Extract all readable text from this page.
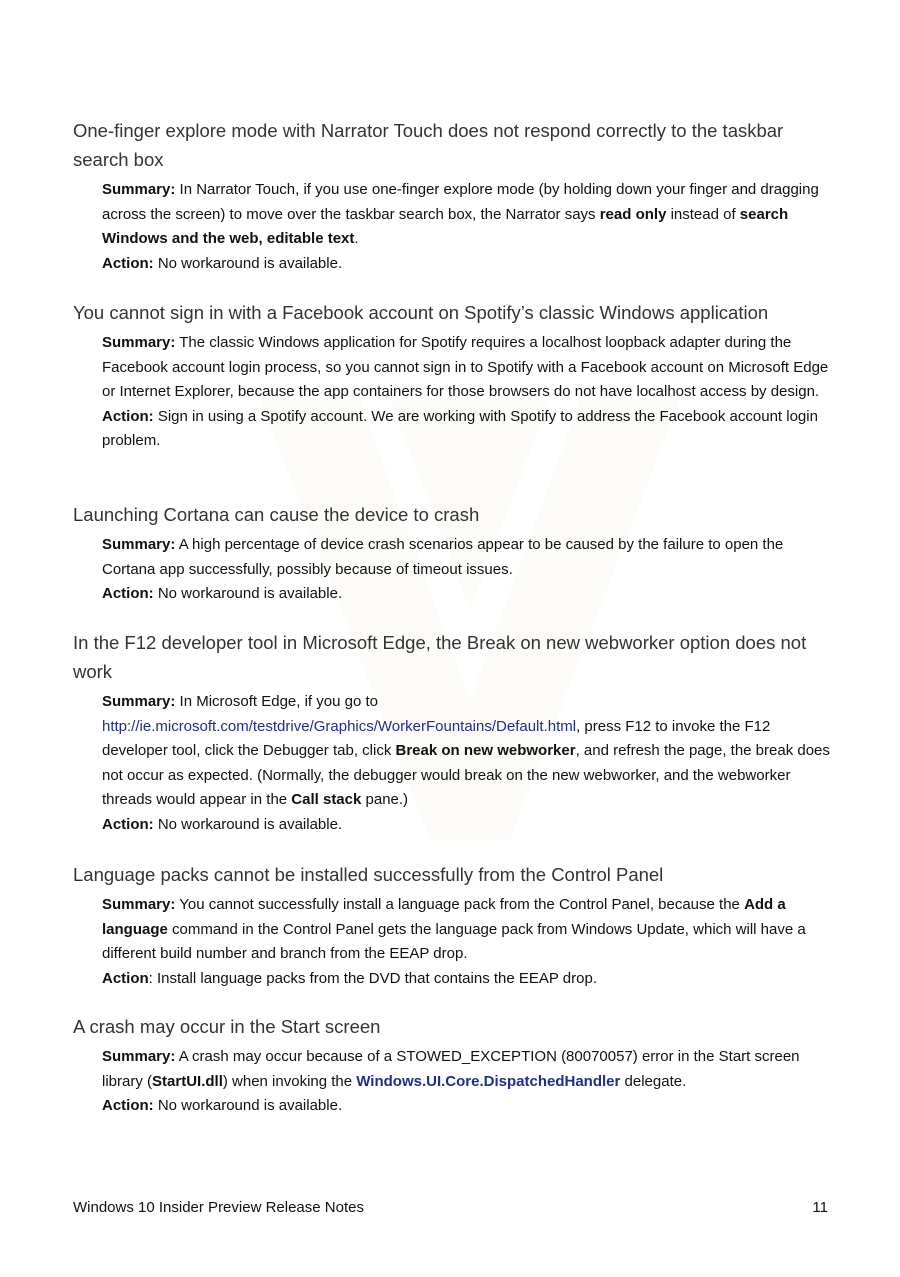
One-finger explore mode with Narrator Touch does not respond correctly to the taskbar search box

Summary: In Narrator Touch, if you use one-finger explore mode (by holding down your finger and dragging across the screen) to move over the taskbar search box, the Narrator says read only instead of search Windows and the web, editable text.

Action: No workaround is available.

You cannot sign in with a Facebook account on Spotify’s classic Windows application

Summary: The classic Windows application for Spotify requires a localhost loopback adapter during the Facebook account login process, so you cannot sign in to Spotify with a Facebook account on Microsoft Edge or Internet Explorer, because the app containers for those browsers do not have localhost access by design.

Action: Sign in using a Spotify account. We are working with Spotify to address the Facebook account login problem.

Launching Cortana can cause the device to crash

Summary: A high percentage of device crash scenarios appear to be caused by the failure to open the Cortana app successfully, possibly because of timeout issues.

Action: No workaround is available.

In the F12 developer tool in Microsoft Edge, the Break on new webworker option does not work

Summary: In Microsoft Edge, if you go to
http://ie.microsoft.com/testdrive/Graphics/WorkerFountains/Default.html, press F12 to invoke the F12 developer tool, click the Debugger tab, click Break on new webworker, and refresh the page, the break does not occur as expected. (Normally, the debugger would break on the new webworker, and the webworker threads would appear in the Call stack pane.)

Action: No workaround is available.

Language packs cannot be installed successfully from the Control Panel

Summary: You cannot successfully install a language pack from the Control Panel, because the Add a language command in the Control Panel gets the language pack from Windows Update, which will have a different build number and branch from the EEAP drop.

Action: Install language packs from the DVD that contains the EEAP drop.

A crash may occur in the Start screen

Summary: A crash may occur because of a STOWED_EXCEPTION (80070057) error in the Start screen library (StartUI.dll) when invoking the Windows.UI.Core.DispatchedHandler delegate.

Action: No workaround is available.

Windows 10 Insider Preview Release Notes	11
